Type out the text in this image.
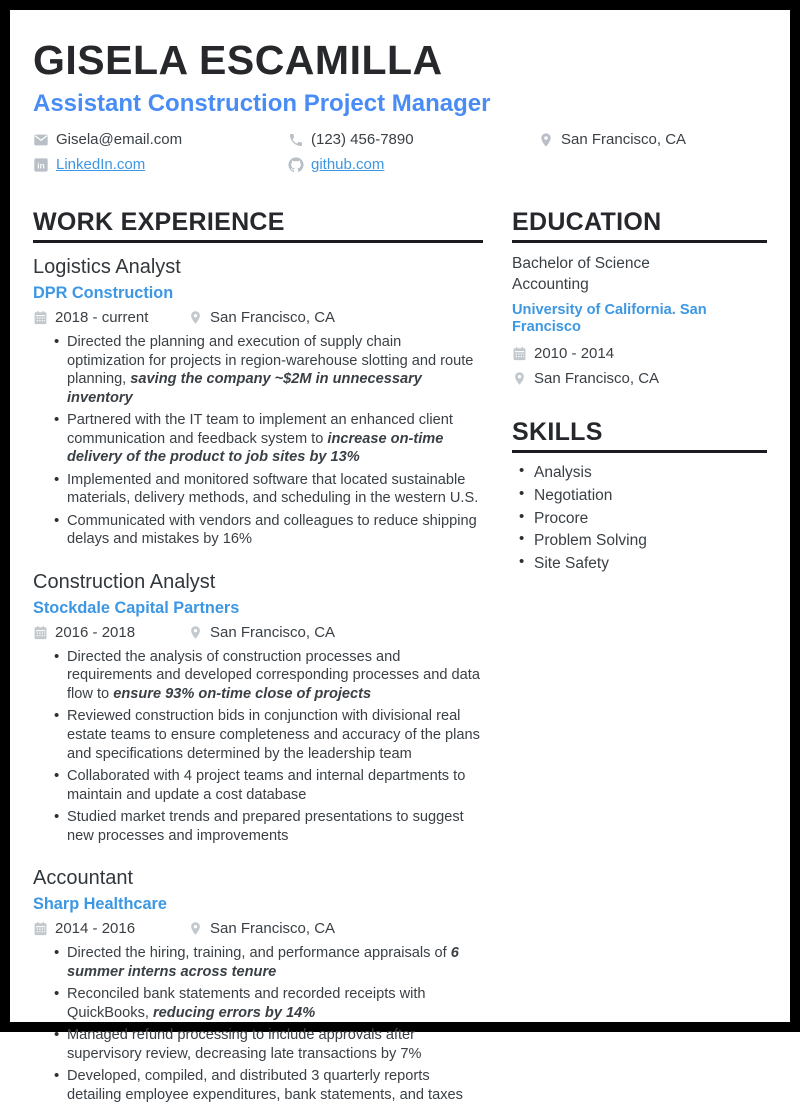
GISELA ESCAMILLA
Assistant Construction Project Manager
Gisela@email.com	(123) 456-7890	San Francisco, CA
LinkedIn.com	github.com
WORK EXPERIENCE
Logistics Analyst
DPR Construction
2018 - current	San Francisco, CA
• Directed the planning and execution of supply chain optimization for projects in region-warehouse slotting and route planning, saving the company ~$2M in unnecessary inventory
• Partnered with the IT team to implement an enhanced client communication and feedback system to increase on-time delivery of the product to job sites by 13%
• Implemented and monitored software that located sustainable materials, delivery methods, and scheduling in the western U.S.
• Communicated with vendors and colleagues to reduce shipping delays and mistakes by 16%
Construction Analyst
Stockdale Capital Partners
2016 - 2018	San Francisco, CA
• Directed the analysis of construction processes and requirements and developed corresponding processes and data flow to ensure 93% on-time close of projects
• Reviewed construction bids in conjunction with divisional real estate teams to ensure completeness and accuracy of the plans and specifications determined by the leadership team
• Collaborated with 4 project teams and internal departments to maintain and update a cost database
• Studied market trends and prepared presentations to suggest new processes and improvements
Accountant
Sharp Healthcare
2014 - 2016	San Francisco, CA
• Directed the hiring, training, and performance appraisals of 6 summer interns across tenure
• Reconciled bank statements and recorded receipts with QuickBooks, reducing errors by 14%
• Managed refund processing to include approvals after supervisory review, decreasing late transactions by 7%
• Developed, compiled, and distributed 3 quarterly reports detailing employee expenditures, bank statements, and taxes
EDUCATION

Bachelor of Science

Accounting

University of California. San Francisco

2010 - 2014
San Francisco, CA
SKILLS
• Analysis
• Negotiation
• Procore
• Problem Solving
• Site Safety
